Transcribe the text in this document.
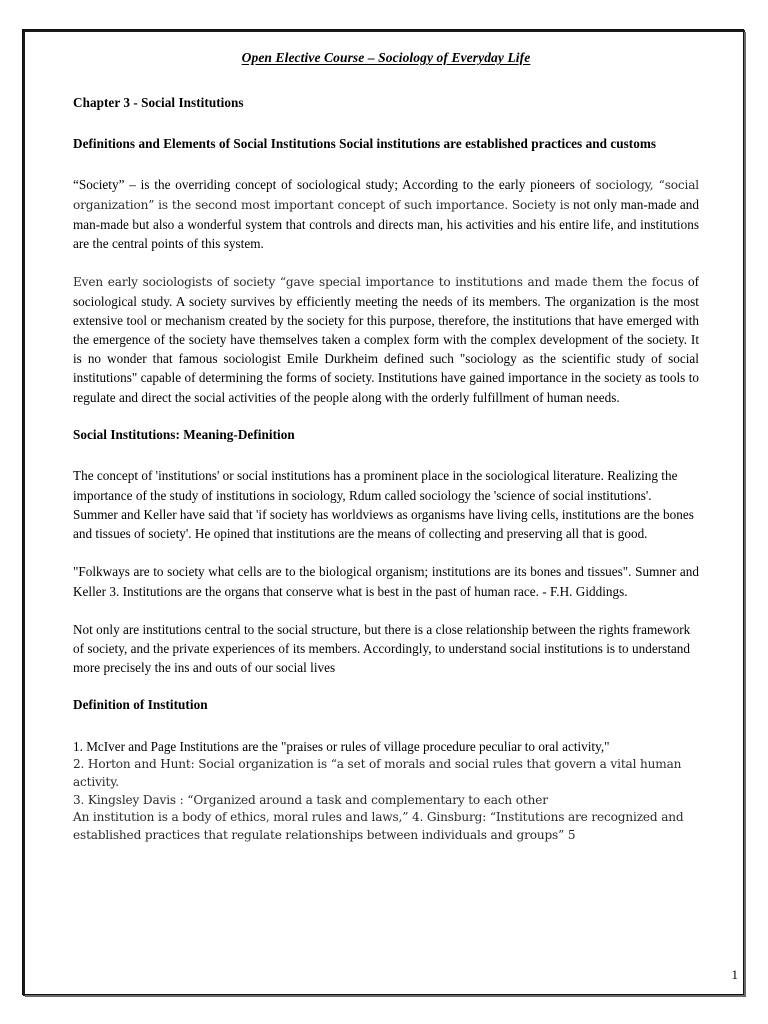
Open Elective Course – Sociology of Everyday Life
Chapter 3 - Social Institutions
Definitions and Elements of Social Institutions Social institutions are established practices and customs

“Society” – is the overriding concept of sociological study; According to the early pioneers of sociology, “social organization” is the second most important concept of such importance. Society is not only man-made and man-made but also a wonderful system that controls and directs man, his activities and his entire life, and institutions are the central points of this system.

Even early sociologists of society “gave special importance to institutions and made them the focus of sociological study. A society survives by efficiently meeting the needs of its members. The organization is the most extensive tool or mechanism created by the society for this purpose, therefore, the institutions that have emerged with the emergence of the society have themselves taken a complex form with the complex development of the society. It is no wonder that famous sociologist Emile Durkheim defined such "sociology as the scientific study of social institutions" capable of determining the forms of society. Institutions have gained importance in the society as tools to regulate and direct the social activities of the people along with the orderly fulfillment of human needs.

Social Institutions: Meaning-Definition

The concept of 'institutions' or social institutions has a prominent place in the sociological literature. Realizing the importance of the study of institutions in sociology, Rdum called sociology the 'science of social institutions'. Summer and Keller have said that 'if society has worldviews as organisms have living cells, institutions are the bones and tissues of society'. He opined that institutions are the means of collecting and preserving all that is good.

"Folkways are to society what cells are to the biological organism; institutions are its bones and tissues". Sumner and Keller 3. Institutions are the organs that conserve what is best in the past of human race. - F.H. Giddings.

Not only are institutions central to the social structure, but there is a close relationship between the rights framework of society, and the private experiences of its members. Accordingly, to understand social institutions is to understand more precisely the ins and outs of our social lives

Definition of Institution
1. McIver and Page Institutions are the "praises or rules of village procedure peculiar to oral activity,"
2. Horton and Hunt: Social organization is “a set of morals and social rules that govern a vital human activity.
3. Kingsley Davis : “Organized around a task and complementary to each other
An institution is a body of ethics, moral rules and laws,” 4. Ginsburg: “Institutions are recognized and established practices that regulate relationships between individuals and groups” 5
1
